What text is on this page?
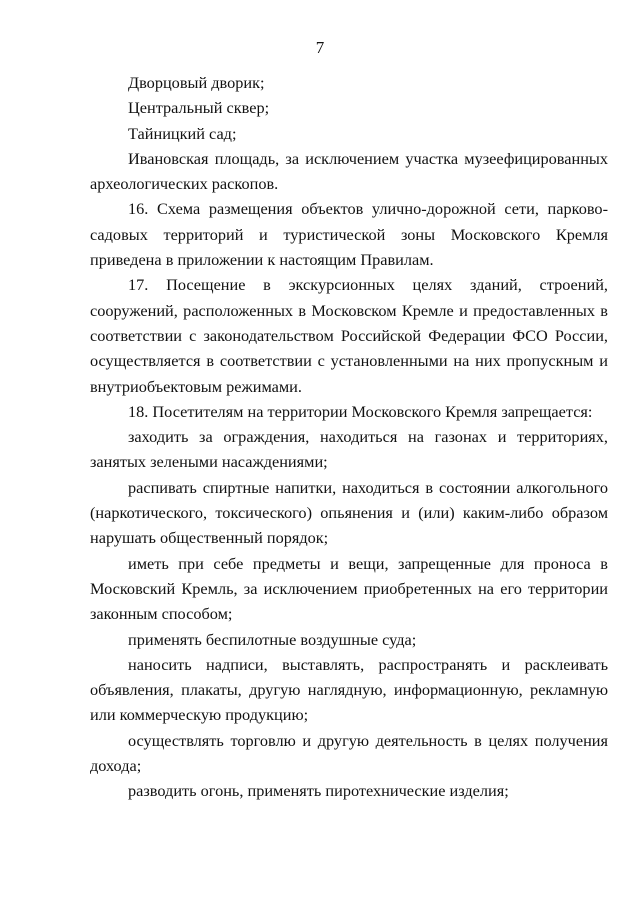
7

Дворцовый дворик;

Центральный сквер;

Тайницкий сад;

Ивановская площадь, за исключением участка музеефицированных археологических раскопов.

16. Схема размещения объектов улично-дорожной сети, парково-садовых территорий и туристической зоны Московского Кремля приведена в приложении к настоящим Правилам.

17. Посещение в экскурсионных целях зданий, строений, сооружений, расположенных в Московском Кремле и предоставленных в соответствии с законодательством Российской Федерации ФСО России, осуществляется в соответствии с установленными на них пропускным и внутриобъектовым режимами.

18. Посетителям на территории Московского Кремля запрещается:

заходить за ограждения, находиться на газонах и территориях, занятых зелеными насаждениями;

распивать спиртные напитки, находиться в состоянии алкогольного (наркотического, токсического) опьянения и (или) каким-либо образом нарушать общественный порядок;

иметь при себе предметы и вещи, запрещенные для проноса в Московский Кремль, за исключением приобретенных на его территории законным способом;

применять беспилотные воздушные суда;

наносить надписи, выставлять, распространять и расклеивать объявления, плакаты, другую наглядную, информационную, рекламную или коммерческую продукцию;

осуществлять торговлю и другую деятельность в целях получения дохода;

разводить огонь, применять пиротехнические изделия;
